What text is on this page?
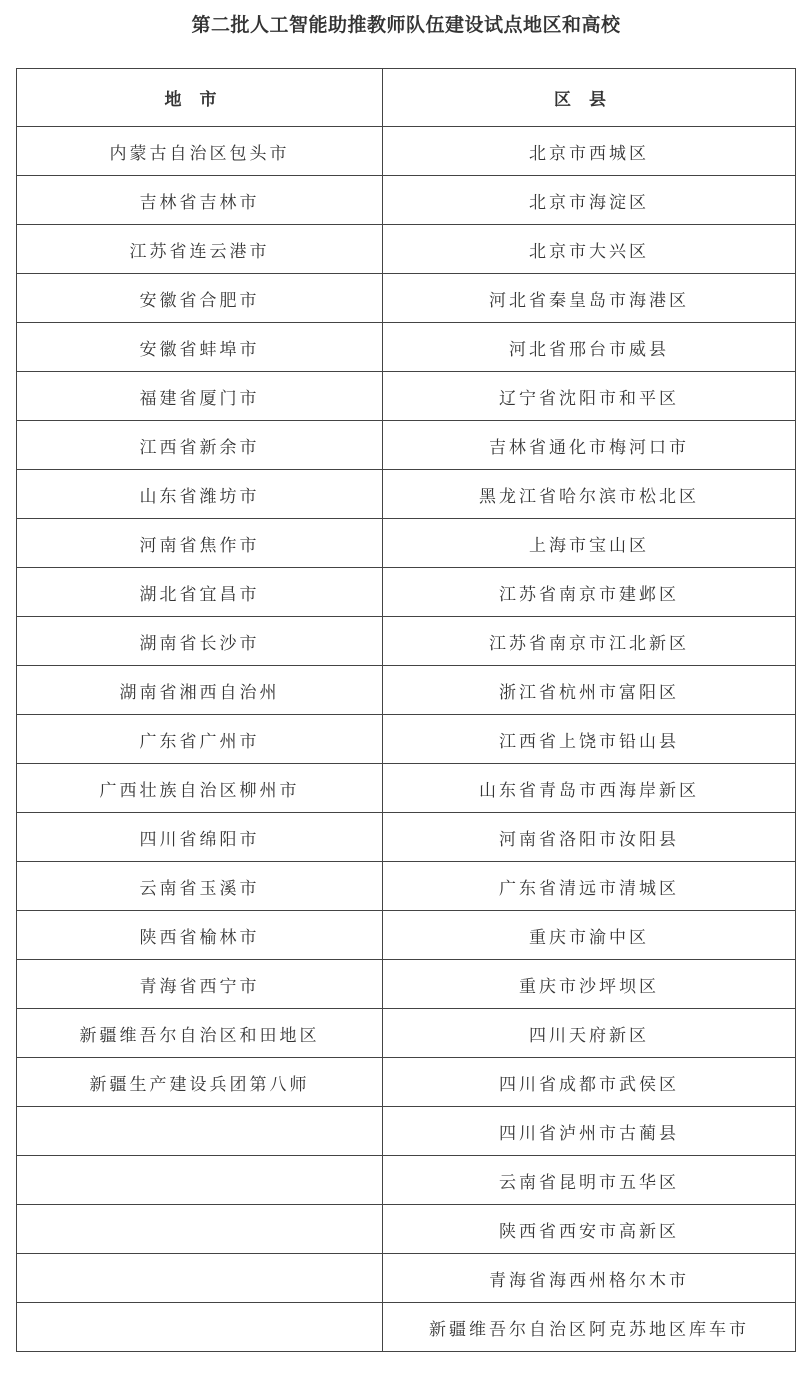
第二批人工智能助推教师队伍建设试点地区和高校
地市	区县
内蒙古自治区包头市	北京市西城区
吉林省吉林市	北京市海淀区
江苏省连云港市	北京市大兴区
安徽省合肥市	河北省秦皇岛市海港区
安徽省蚌埠市	河北省邢台市威县
福建省厦门市	辽宁省沈阳市和平区
江西省新余市	吉林省通化市梅河口市
山东省潍坊市	黑龙江省哈尔滨市松北区
河南省焦作市	上海市宝山区
湖北省宜昌市	江苏省南京市建邺区
湖南省长沙市	江苏省南京市江北新区
湖南省湘西自治州	浙江省杭州市富阳区
广东省广州市	江西省上饶市铅山县
广西壮族自治区柳州市	山东省青岛市西海岸新区
四川省绵阳市	河南省洛阳市汝阳县
云南省玉溪市	广东省清远市清城区
陕西省榆林市	重庆市渝中区
青海省西宁市	重庆市沙坪坝区
新疆维吾尔自治区和田地区	四川天府新区
新疆生产建设兵团第八师	四川省成都市武侯区
	四川省泸州市古蔺县
	云南省昆明市五华区
	陕西省西安市高新区
	青海省海西州格尔木市
	新疆维吾尔自治区阿克苏地区库车市
